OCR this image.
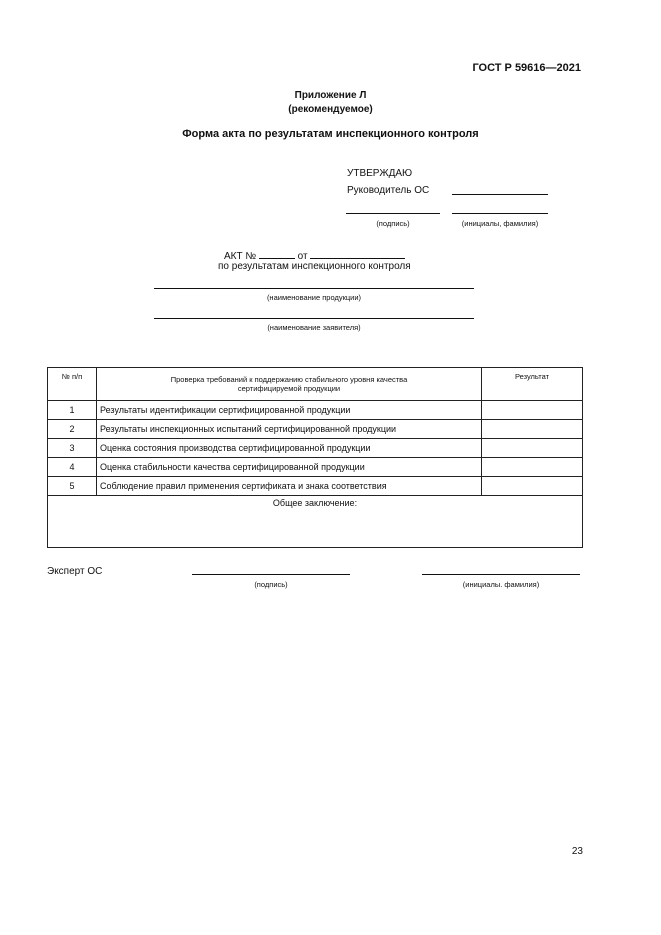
ГОСТ Р 59616—2021
Приложение Л
(рекомендуемое)
Форма акта по результатам инспекционного контроля
УТВЕРЖДАЮ
Руководитель ОС
(подпись)	(инициалы, фамилия)
АКТ №	от
по результатам инспекционного контроля
(наименование продукции)
(наименование заявителя)
№ п/п	Проверка требований к поддержанию стабильного уровня качества сертифицируемой продукции	Результат
1	Результаты идентификации сертифицированной продукции	
2	Результаты инспекционных испытаний сертифицированной продукции	
3	Оценка состояния производства сертифицированной продукции	
4	Оценка стабильности качества сертифицированной продукции	
5	Соблюдение правил применения сертификата и знака соответствия	
Общее заключение:		
Эксперт ОС
(подпись)	(инициалы. фамилия)
23
